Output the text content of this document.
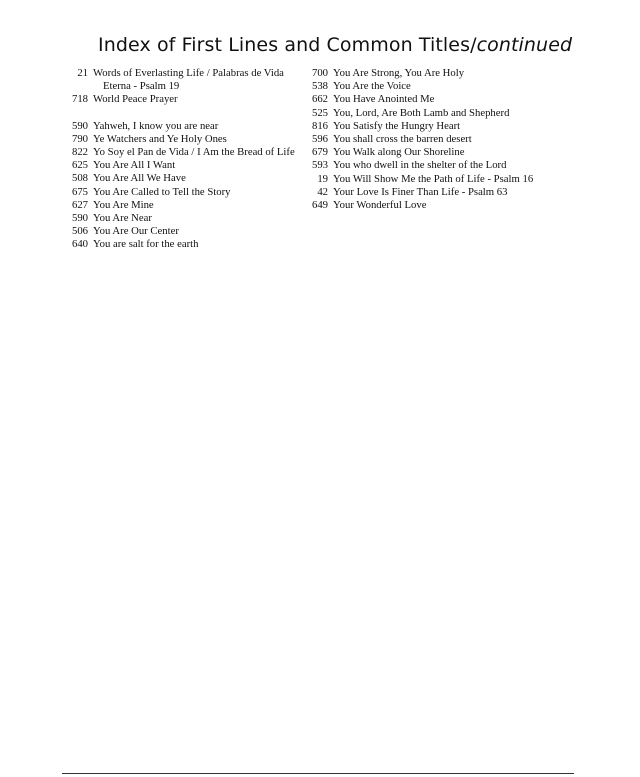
Index of First Lines and Common Titles/continued
21 Words of Everlasting Life / Palabras de Vida Eterna - Psalm 19
718 World Peace Prayer
590 Yahweh, I know you are near
790 Ye Watchers and Ye Holy Ones
822 Yo Soy el Pan de Vida / I Am the Bread of Life
625 You Are All I Want
508 You Are All We Have
675 You Are Called to Tell the Story
627 You Are Mine
590 You Are Near
506 You Are Our Center
640 You are salt for the earth
700 You Are Strong, You Are Holy
538 You Are the Voice
662 You Have Anointed Me
525 You, Lord, Are Both Lamb and Shepherd
816 You Satisfy the Hungry Heart
596 You shall cross the barren desert
679 You Walk along Our Shoreline
593 You who dwell in the shelter of the Lord
19 You Will Show Me the Path of Life - Psalm 16
42 Your Love Is Finer Than Life - Psalm 63
649 Your Wonderful Love
